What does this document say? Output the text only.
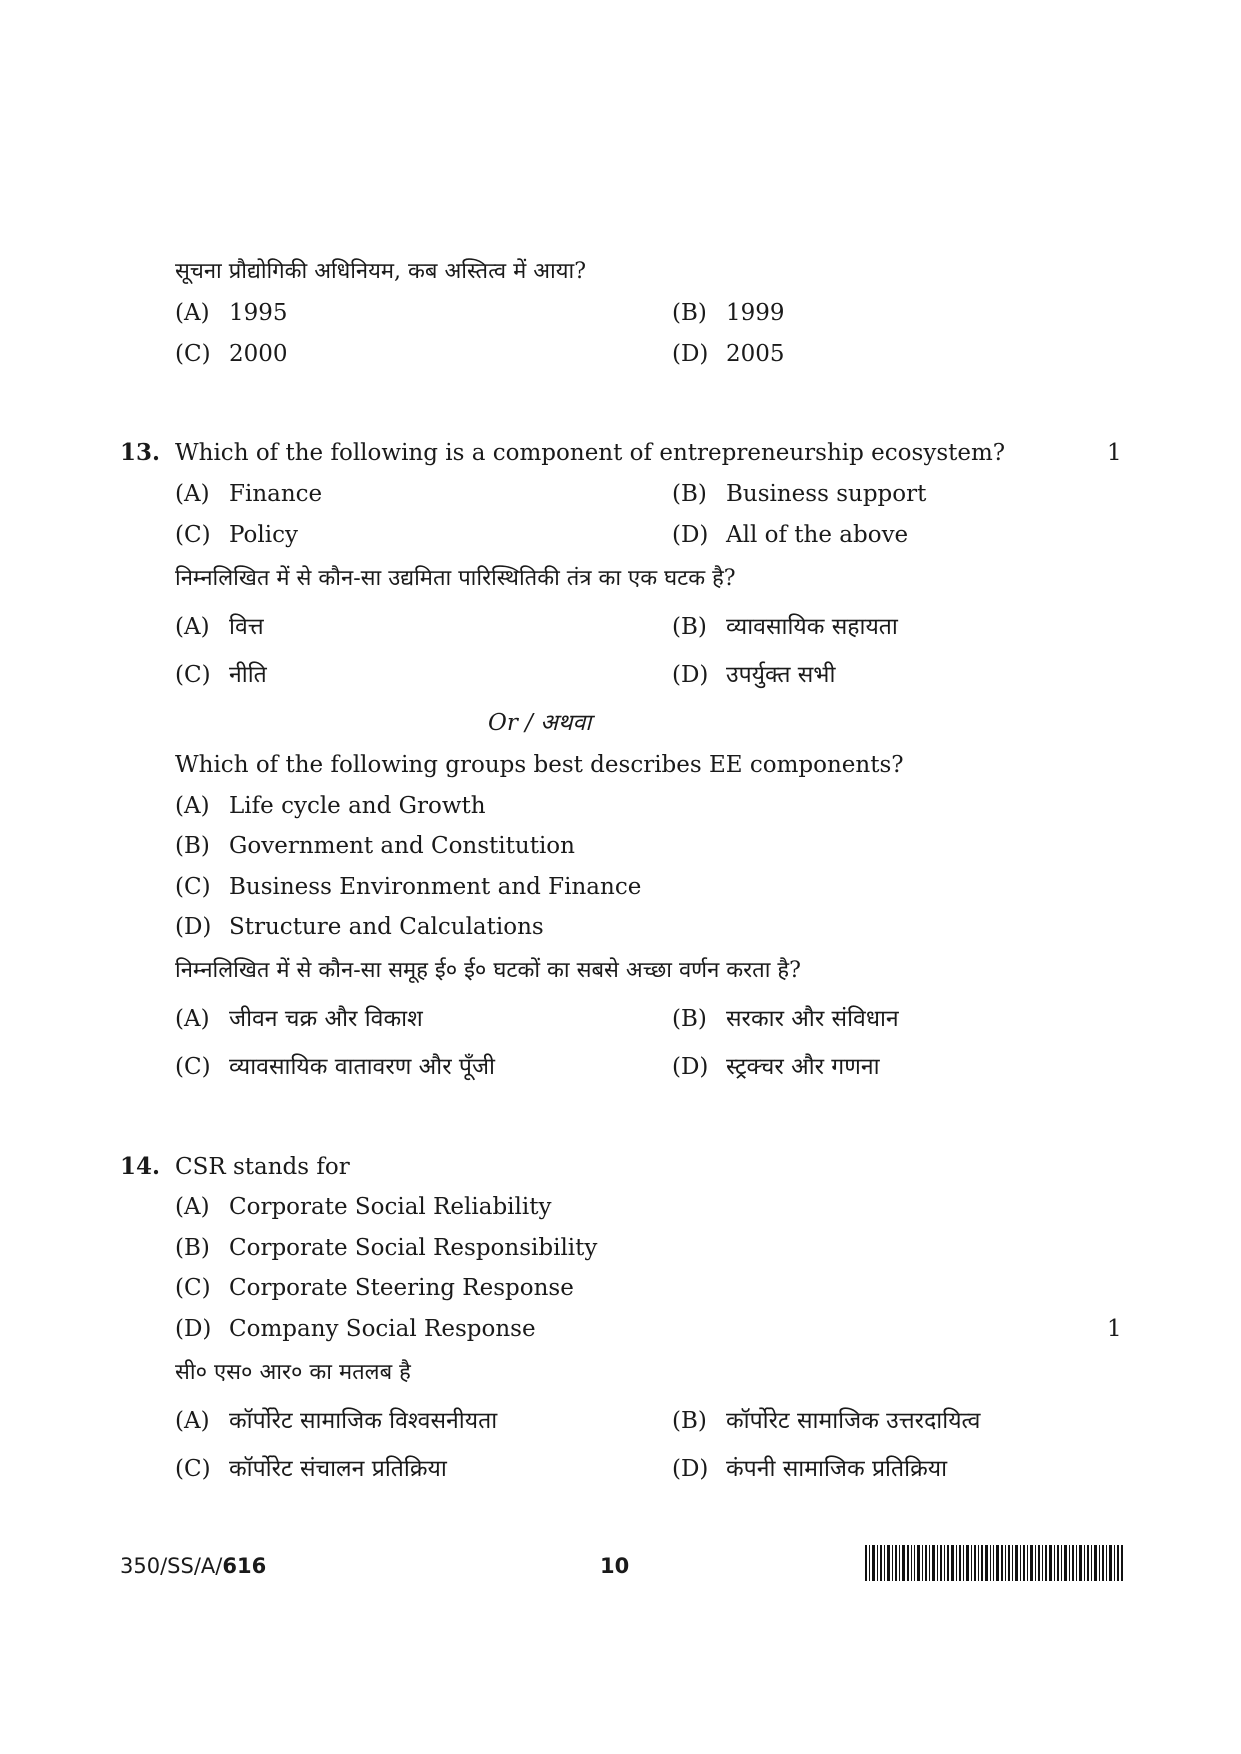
सूचना प्रौद्योगिकी अधिनियम, कब अस्तित्व में आया?
(A) 1995	(B) 1999
(C) 2000	(D) 2005
13. Which of the following is a component of entrepreneurship ecosystem?	1
(A) Finance	(B) Business support
(C) Policy	(D) All of the above
निम्नलिखित में से कौन-सा उद्यमिता पारिस्थितिकी तंत्र का एक घटक है?
(A) वित्त	(B) व्यावसायिक सहायता
(C) नीति	(D) उपर्युक्त सभी
Or / अथवा
Which of the following groups best describes EE components?
(A) Life cycle and Growth
(B) Government and Constitution
(C) Business Environment and Finance
(D) Structure and Calculations
निम्नलिखित में से कौन-सा समूह ई० ई० घटकों का सबसे अच्छा वर्णन करता है?
(A) जीवन चक्र और विकाश	(B) सरकार और संविधान
(C) व्यावसायिक वातावरण और पूँजी	(D) स्ट्रक्चर और गणना
14. CSR stands for
(A) Corporate Social Reliability
(B) Corporate Social Responsibility
(C) Corporate Steering Response
(D) Company Social Response	1
सी० एस० आर० का मतलब है
(A) कॉर्पोरेट सामाजिक विश्वसनीयता	(B) कॉर्पोरेट सामाजिक उत्तरदायित्व
(C) कॉर्पोरेट संचालन प्रतिक्रिया	(D) कंपनी सामाजिक प्रतिक्रिया
350/SS/A/616	10
